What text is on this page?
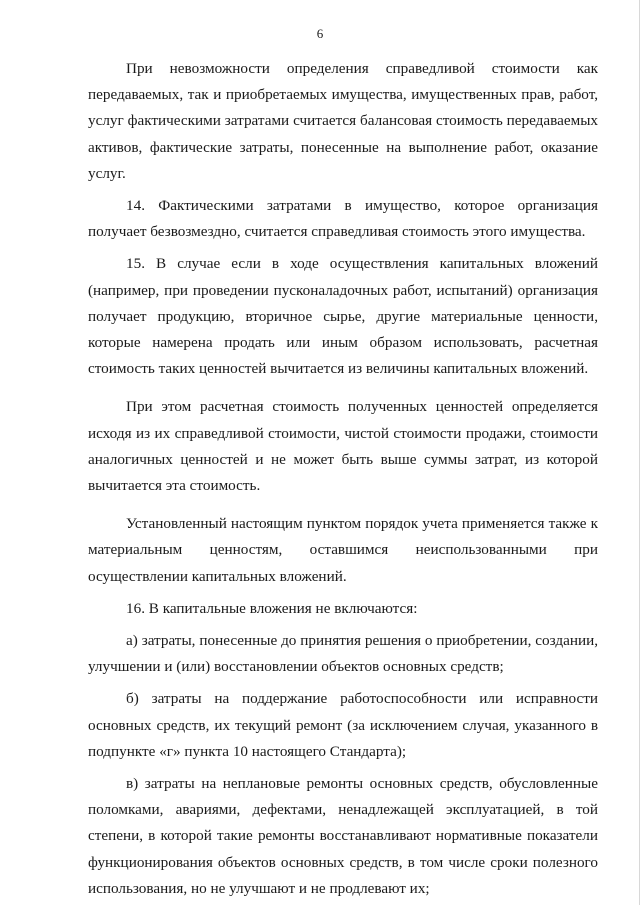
6

При невозможности определения справедливой стоимости как передаваемых, так и приобретаемых имущества, имущественных прав, работ, услуг фактическими затратами считается балансовая стоимость передаваемых активов, фактические затраты, понесенные на выполнение работ, оказание услуг.

14. Фактическими затратами в имущество, которое организация получает безвозмездно, считается справедливая стоимость этого имущества.

15. В случае если в ходе осуществления капитальных вложений (например, при проведении пусконаладочных работ, испытаний) организация получает продукцию, вторичное сырье, другие материальные ценности, которые намерена продать или иным образом использовать, расчетная стоимость таких ценностей вычитается из величины капитальных вложений.

При этом расчетная стоимость полученных ценностей определяется исходя из их справедливой стоимости, чистой стоимости продажи, стоимости аналогичных ценностей и не может быть выше суммы затрат, из которой вычитается эта стоимость.

Установленный настоящим пунктом порядок учета применяется также к материальным ценностям, оставшимся неиспользованными при осуществлении капитальных вложений.

16. В капитальные вложения не включаются:

а) затраты, понесенные до принятия решения о приобретении, создании, улучшении и (или) восстановлении объектов основных средств;

б) затраты на поддержание работоспособности или исправности основных средств, их текущий ремонт (за исключением случая, указанного в подпункте «г» пункта 10 настоящего Стандарта);

в) затраты на неплановые ремонты основных средств, обусловленные поломками, авариями, дефектами, ненадлежащей эксплуатацией, в той степени, в которой такие ремонты восстанавливают нормативные показатели функционирования объектов основных средств, в том числе сроки полезного использования, но не улучшают и не продлевают их;
